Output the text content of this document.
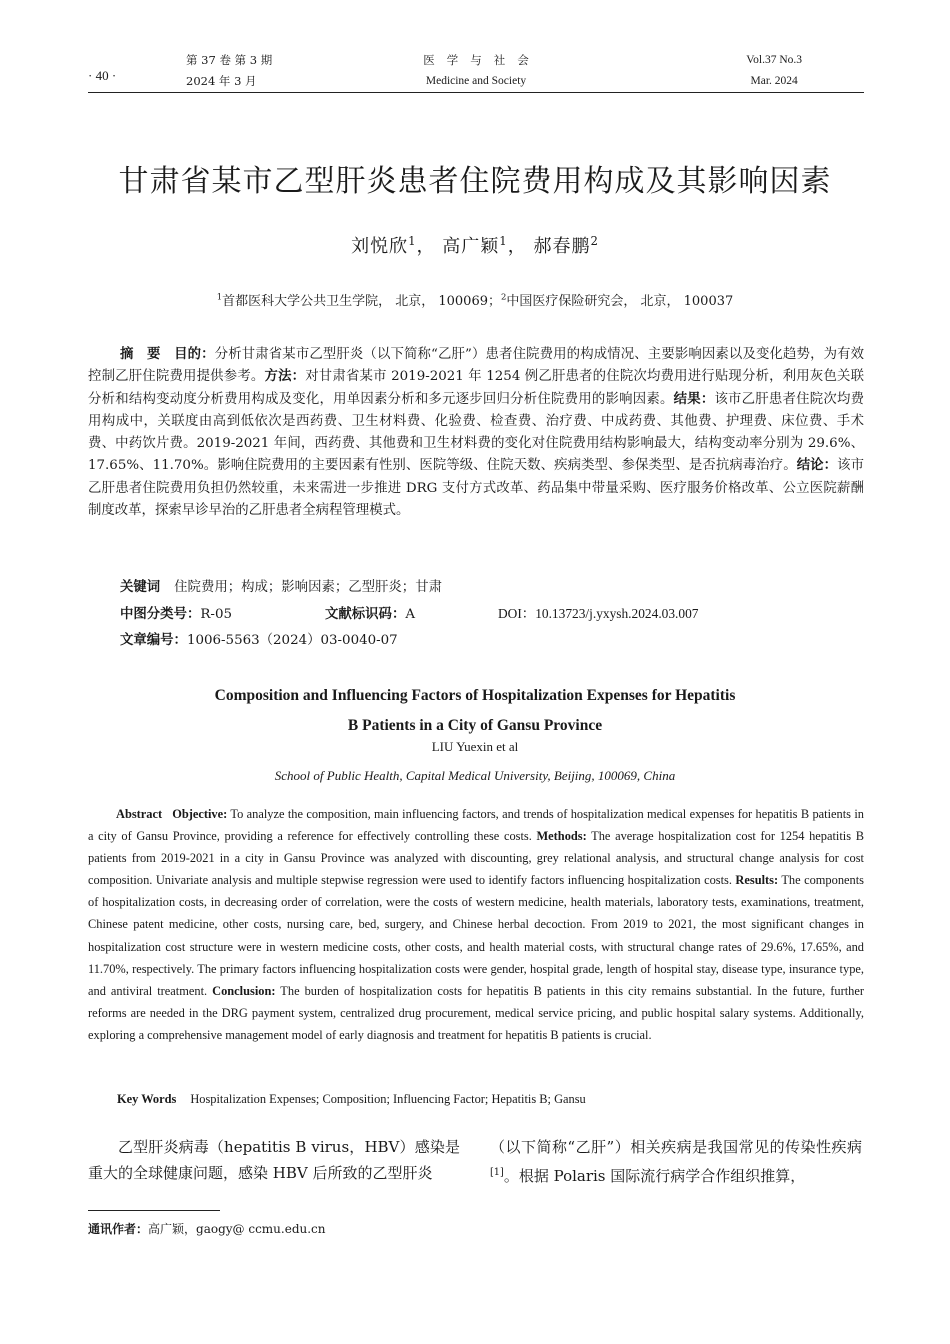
· 40 ·
第 37 卷 第 3 期
2024 年 3 月
医学与社会
Medicine and Society
Vol.37 No.3
Mar. 2024
甘肃省某市乙型肝炎患者住院费用构成及其影响因素
刘悦欣$^1$， 高广颖$^1$， 郝春鹏$^2$
$^1$首都医科大学公共卫生学院， 北京， 100069；$^2$中国医疗保险研究会， 北京， 100037
摘　要　 目的：分析甘肃省某市乙型肝炎（以下简称“乙肝”）患者住院费用的构成情况、主要影响因素以及变化趋势，为有效控制乙肝住院费用提供参考。方法：对甘肃省某市 2019-2021 年 1254 例乙肝患者的住院次均费用进行贴现分析，利用灰色关联分析和结构变动度分析费用构成及变化，用单因素分析和多元逐步回归分析住院费用的影响因素。结果：该市乙肝患者住院次均费用构成中，关联度由高到低依次是西药费、卫生材料费、化验费、检查费、治疗费、中成药费、其他费、护理费、床位费、手术费、中药饮片费。2019-2021 年间，西药费、其他费和卫生材料费的变化对住院费用结构影响最大，结构变动率分别为 29.6%、17.65%、11.70%。影响住院费用的主要因素有性别、医院等级、住院天数、疾病类型、参保类型、是否抗病毒治疗。结论：该市乙肝患者住院费用负担仍然较重，未来需进一步推进 DRG 支付方式改革、药品集中带量采购、医疗服务价格改革、公立医院薪酬制度改革，探索早诊早治的乙肝患者全病程管理模式。
关键词 住院费用；构成；影响因素；乙型肝炎；甘肃
中图分类号：R-05	文献标识码：A	DOI：10.13723/j.yxysh.2024.03.007
文章编号：1006-5563（2024）03-0040-07
Composition and Influencing Factors of Hospitalization Expenses for Hepatitis
B Patients in a City of Gansu Province
LIU Yuexin et al
School of Public Health, Capital Medical University, Beijing, 100069, China
Abstract Objective: To analyze the composition, main influencing factors, and trends of hospitalization medical expenses for hepatitis B patients in a city of Gansu Province, providing a reference for effectively controlling these costs. Methods: The average hospitalization cost for 1254 hepatitis B patients from 2019-2021 in a city in Gansu Province was analyzed with discounting, grey relational analysis, and structural change analysis for cost composition. Univariate analysis and multiple stepwise regression were used to identify factors influencing hospitalization costs. Results: The components of hospitalization costs, in decreasing order of correlation, were the costs of western medicine, health materials, laboratory tests, examinations, treatment, Chinese patent medicine, other costs, nursing care, bed, surgery, and Chinese herbal decoction. From 2019 to 2021, the most significant changes in hospitalization cost structure were in western medicine costs, other costs, and health material costs, with structural change rates of 29.6%, 17.65%, and 11.70%, respectively. The primary factors influencing hospitalization costs were gender, hospital grade, length of hospital stay, disease type, insurance type, and antiviral treatment. Conclusion: The burden of hospitalization costs for hepatitis B patients in this city remains substantial. In the future, further reforms are needed in the DRG payment system, centralized drug procurement, medical service pricing, and public hospital salary systems. Additionally, exploring a comprehensive management model of early diagnosis and treatment for hepatitis B patients is crucial.
Key Words Hospitalization Expenses; Composition; Influencing Factor; Hepatitis B; Gansu
乙型肝炎病毒（hepatitis B virus，HBV）感染是重大的全球健康问题，感染 HBV 后所致的乙型肝炎
（以下简称“乙肝”）相关疾病是我国常见的传染性疾病[1]。根据 Polaris 国际流行病学合作组织推算，
通讯作者：高广颖，gaogy@ ccmu.edu.cn
